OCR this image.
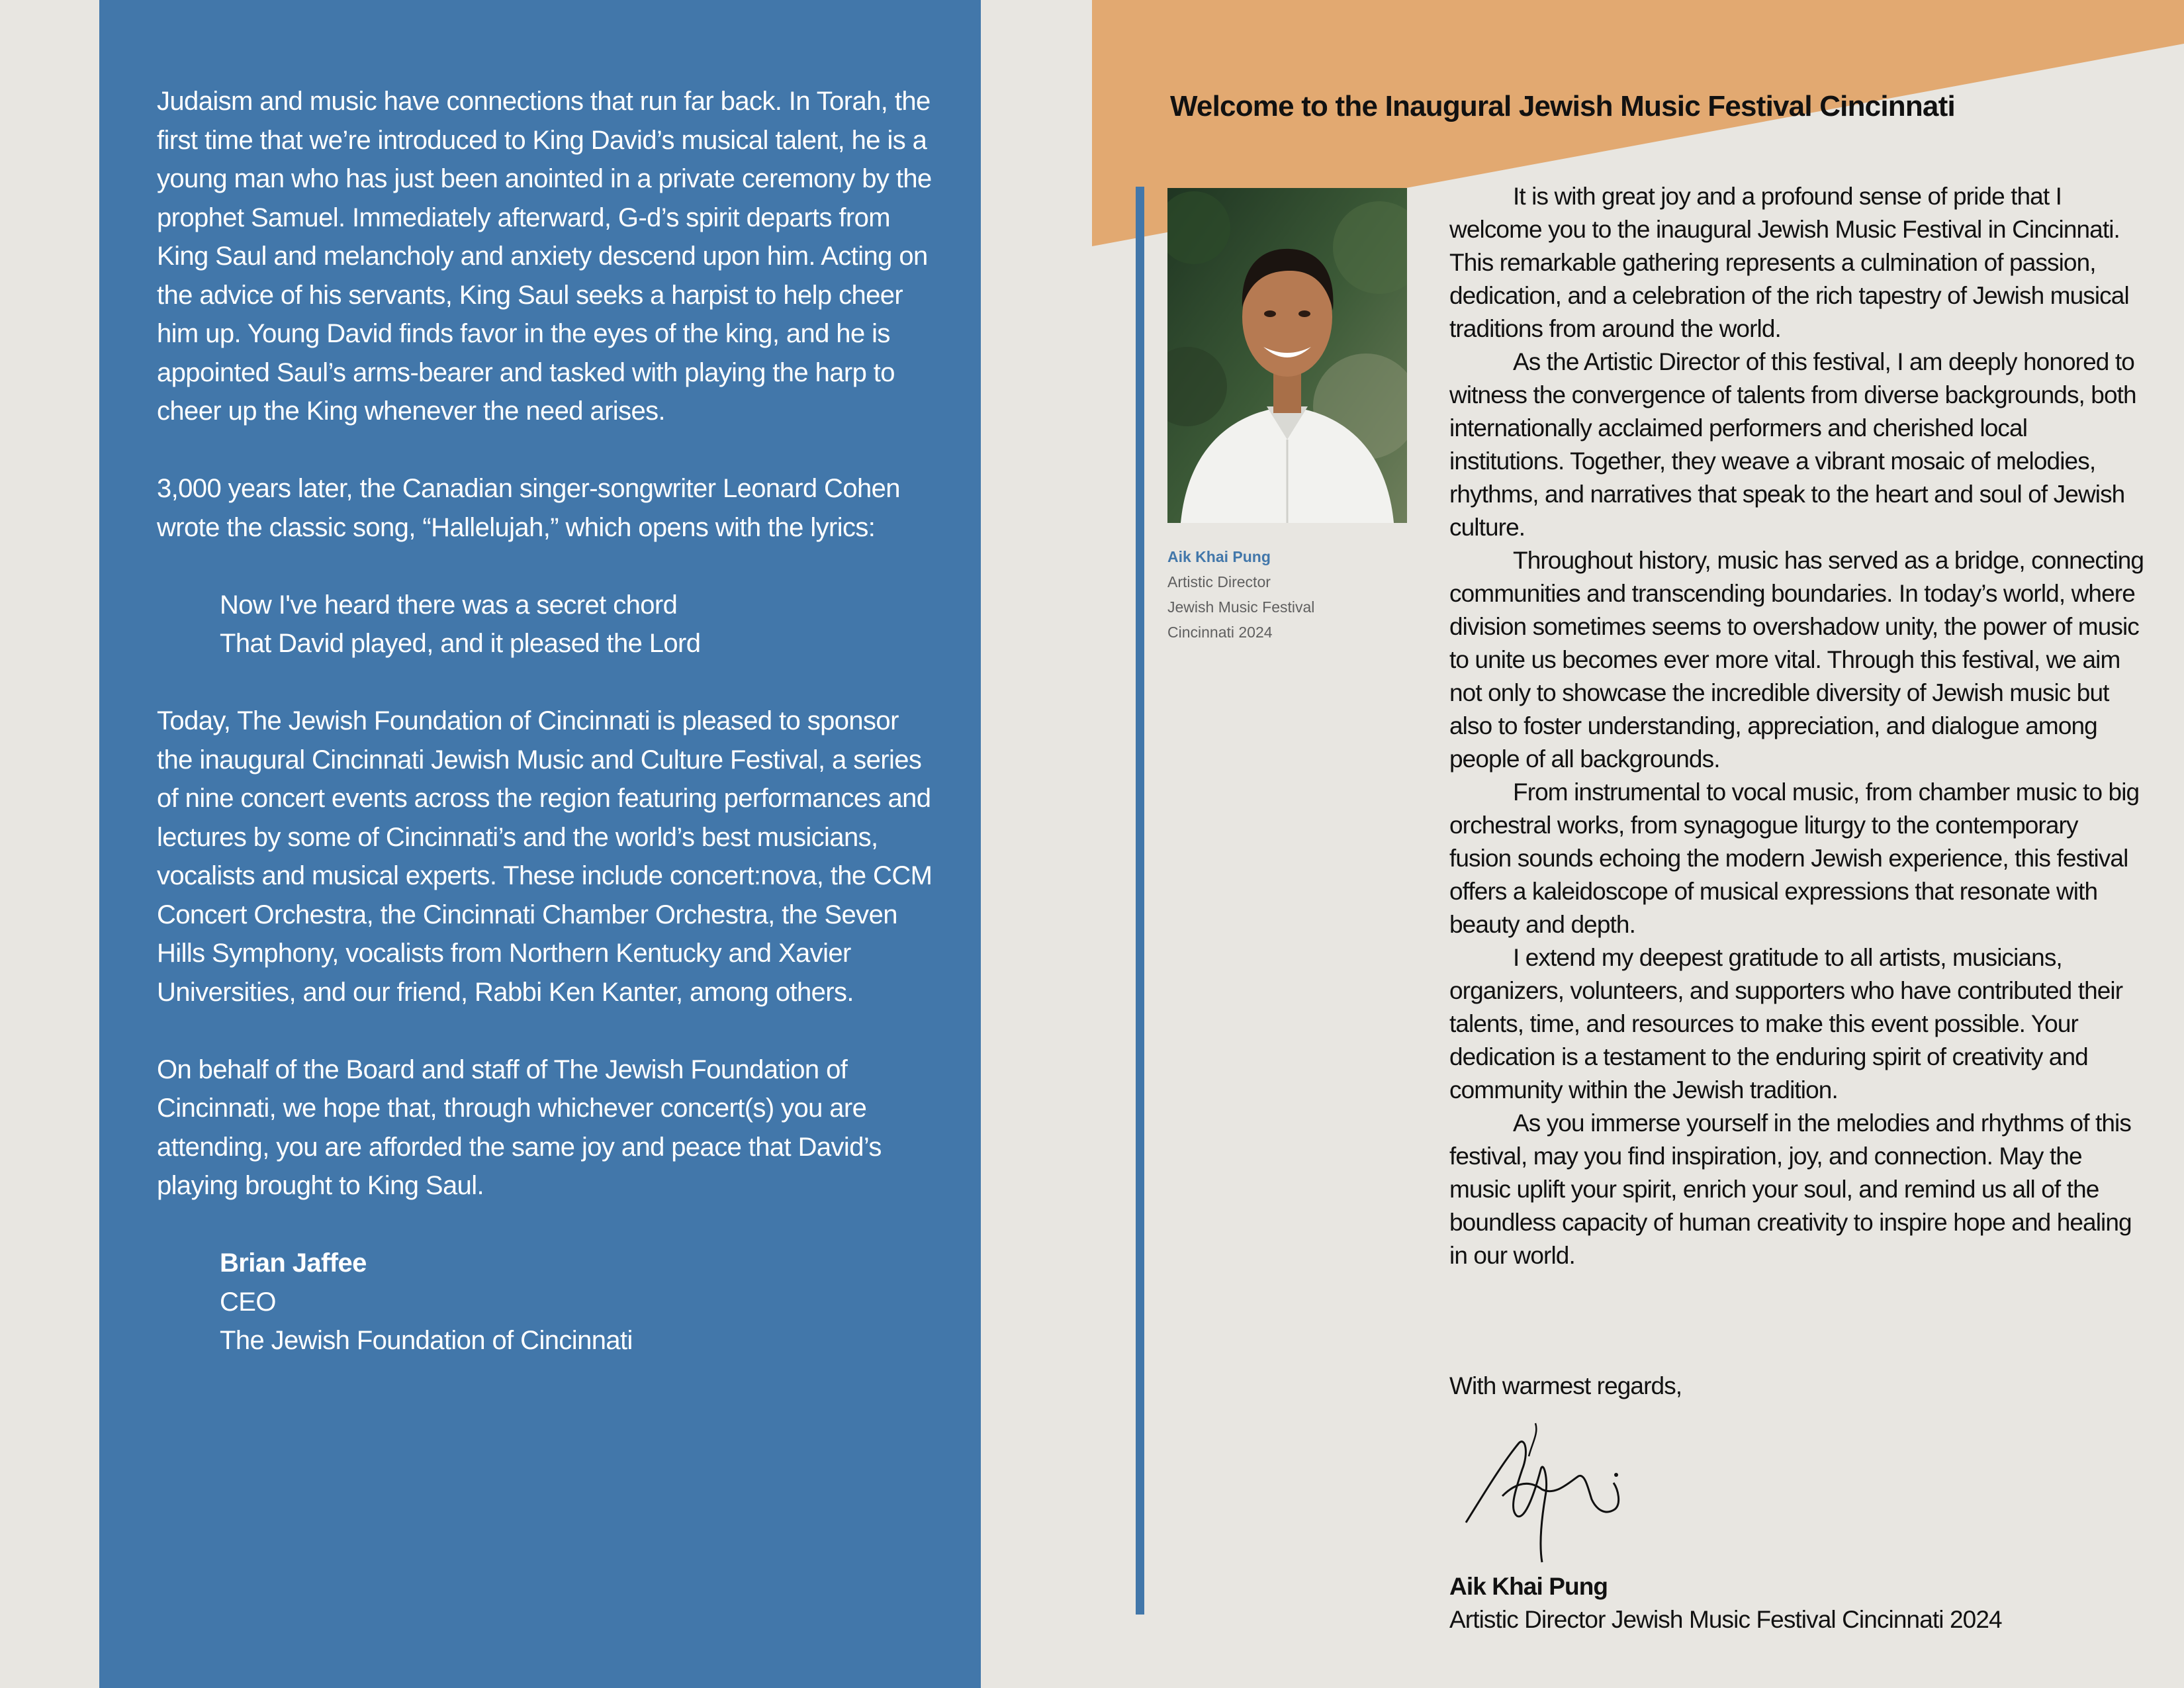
Judaism and music have connections that run far back. In Torah, the first time that we’re introduced to King David’s musical talent, he is a young man who has just been anointed in a private ceremony by the prophet Samuel. Immediately afterward, G-d’s spirit departs from King Saul and melancholy and anxiety descend upon him. Acting on the advice of his servants, King Saul seeks a harpist to help cheer him up. Young David finds favor in the eyes of the king, and he is appointed Saul’s arms-bearer and tasked with playing the harp to cheer up the King whenever the need arises.

3,000 years later, the Canadian singer-songwriter Leonard Cohen wrote the classic song, “Hallelujah,” which opens with the lyrics:

Now I've heard there was a secret chord
That David played, and it pleased the Lord

Today, The Jewish Foundation of Cincinnati is pleased to sponsor the inaugural Cincinnati Jewish Music and Culture Festival, a series of nine concert events across the region featuring performances and lectures by some of Cincinnati’s and the world’s best musicians, vocalists and musical experts. These include concert:nova, the CCM Concert Orchestra, the Cincinnati Chamber Orchestra, the Seven Hills Symphony, vocalists from Northern Kentucky and Xavier Universities, and our friend, Rabbi Ken Kanter, among others.

On behalf of the Board and staff of The Jewish Foundation of Cincinnati, we hope that, through whichever concert(s) you are attending, you are afforded the same joy and peace that David’s playing brought to King Saul.

Brian Jaffee
CEO
The Jewish Foundation of Cincinnati
Welcome to the Inaugural Jewish Music Festival Cincinnati
Aik Khai Pung
Artistic Director
Jewish Music Festival
Cincinnati 2024

It is with great joy and a profound sense of pride that I welcome you to the inaugural Jewish Music Festival in Cincinnati. This remarkable gathering represents a culmination of passion, dedication, and a celebration of the rich tapestry of Jewish musical traditions from around the world.

As the Artistic Director of this festival, I am deeply honored to witness the convergence of talents from diverse backgrounds, both internationally acclaimed performers and cherished local institutions. Together, they weave a vibrant mosaic of melodies, rhythms, and narratives that speak to the heart and soul of Jewish culture.

Throughout history, music has served as a bridge, connecting communities and transcending boundaries. In today’s world, where division sometimes seems to overshadow unity, the power of music to unite us becomes ever more vital. Through this festival, we aim not only to showcase the incredible diversity of Jewish music but also to foster understanding, appreciation, and dialogue among people of all backgrounds.

From instrumental to vocal music, from chamber music to big orchestral works, from synagogue liturgy to the contemporary fusion sounds echoing the modern Jewish experience, this festival offers a kaleidoscope of musical expressions that resonate with beauty and depth.

I extend my deepest gratitude to all artists, musicians, organizers, volunteers, and supporters who have contributed their talents, time, and resources to make this event possible. Your dedication is a testament to the enduring spirit of creativity and community within the Jewish tradition.

As you immerse yourself in the melodies and rhythms of this festival, may you find inspiration, joy, and connection. May the music uplift your spirit, enrich your soul, and remind us all of the boundless capacity of human creativity to inspire hope and healing in our world.

With warmest regards,

Aik Khai Pung
Artistic Director Jewish Music Festival Cincinnati 2024
